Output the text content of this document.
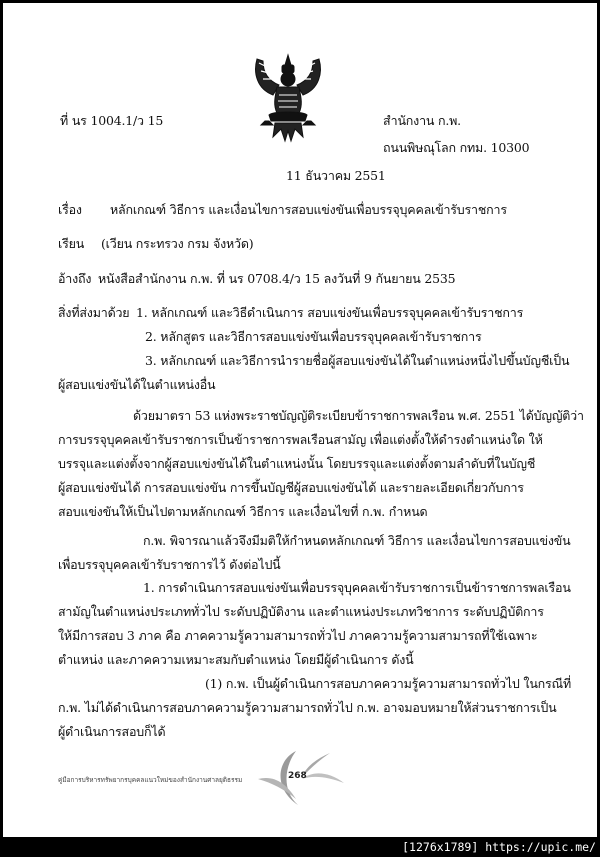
ที่ นร 1004.1/ว 15	สำนักงาน ก.พ.
ถนนพิษณุโลก กทม. 10300
11 ธันวาคม 2551
เรื่อง หลักเกณฑ์ วิธีการ และเงื่อนไขการสอบแข่งขันเพื่อบรรจุบุคคลเข้ารับราชการ
เรียน (เวียน กระทรวง กรม จังหวัด)
อ้างถึง หนังสือสำนักงาน ก.พ. ที่ นร 0708.4/ว 15 ลงวันที่ 9 กันยายน 2535
สิ่งที่ส่งมาด้วย 1. หลักเกณฑ์ และวิธีดำเนินการ สอบแข่งขันเพื่อบรรจุบุคคลเข้ารับราชการ
2. หลักสูตร และวิธีการสอบแข่งขันเพื่อบรรจุบุคคลเข้ารับราชการ
3. หลักเกณฑ์ และวิธีการนำรายชื่อผู้สอบแข่งขันได้ในตำแหน่งหนึ่งไปขึ้นบัญชีเป็น
ผู้สอบแข่งขันได้ในตำแหน่งอื่น
ด้วยมาตรา 53 แห่งพระราชบัญญัติระเบียบข้าราชการพลเรือน พ.ศ. 2551 ได้บัญญัติว่า
การบรรจุบุคคลเข้ารับราชการเป็นข้าราชการพลเรือนสามัญ เพื่อแต่งตั้งให้ดำรงตำแหน่งใด ให้
บรรจุและแต่งตั้งจากผู้สอบแข่งขันได้ในตำแหน่งนั้น โดยบรรจุและแต่งตั้งตามลำดับที่ในบัญชี
ผู้สอบแข่งขันได้ การสอบแข่งขัน การขึ้นบัญชีผู้สอบแข่งขันได้ และรายละเอียดเกี่ยวกับการ
สอบแข่งขันให้เป็นไปตามหลักเกณฑ์ วิธีการ และเงื่อนไขที่ ก.พ. กำหนด
ก.พ. พิจารณาแล้วจึงมีมติให้กำหนดหลักเกณฑ์ วิธีการ และเงื่อนไขการสอบแข่งขัน
เพื่อบรรจุบุคคลเข้ารับราชการไว้ ดังต่อไปนี้
1. การดำเนินการสอบแข่งขันเพื่อบรรจุบุคคลเข้ารับราชการเป็นข้าราชการพลเรือน
สามัญในตำแหน่งประเภททั่วไป ระดับปฏิบัติงาน และตำแหน่งประเภทวิชาการ ระดับปฏิบัติการ
ให้มีการสอบ 3 ภาค คือ ภาคความรู้ความสามารถทั่วไป ภาคความรู้ความสามารถที่ใช้เฉพาะ
ตำแหน่ง และภาคความเหมาะสมกับตำแหน่ง โดยมีผู้ดำเนินการ ดังนี้
(1) ก.พ. เป็นผู้ดำเนินการสอบภาคความรู้ความสามารถทั่วไป ในกรณีที่
ก.พ. ไม่ได้ดำเนินการสอบภาคความรู้ความสามารถทั่วไป ก.พ. อาจมอบหมายให้ส่วนราชการเป็น
ผู้ดำเนินการสอบก็ได้
คู่มือการบริหารทรัพยากรบุคคลแนวใหม่ของสำนักงานศาลยุติธรรม	268
[1276x1789] https://upic.me/
